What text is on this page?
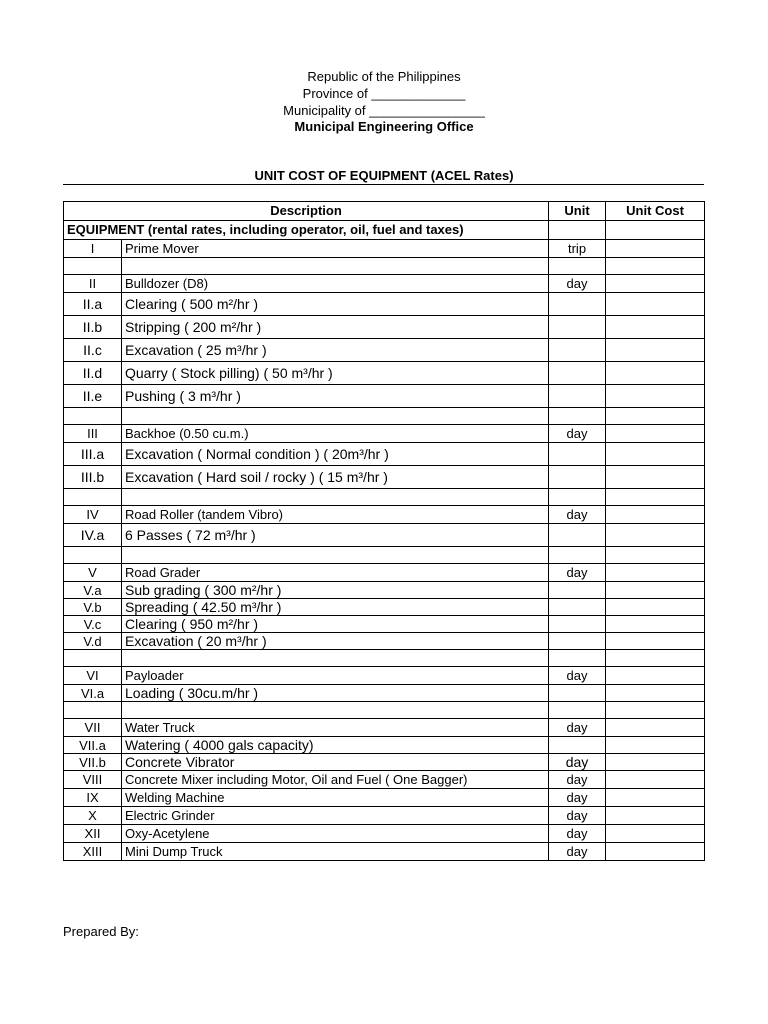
Republic of the Philippines
Province of _____________
Municipality of ________________
Municipal Engineering Office
UNIT COST OF EQUIPMENT (ACEL Rates)
Description		Unit	Unit Cost
EQUIPMENT (rental rates, including operator, oil, fuel and taxes)			
I	Prime Mover	trip	

II	Bulldozer (D8)	day	
II.a	Clearing ( 500 m²/hr )		
II.b	Stripping ( 200 m²/hr )		
II.c	Excavation ( 25 m³/hr )		
II.d	Quarry ( Stock pilling) ( 50 m³/hr )		
II.e	Pushing ( 3 m³/hr )		

III	Backhoe (0.50 cu.m.)	day	
III.a	Excavation ( Normal condition ) ( 20m³/hr )		
III.b	Excavation ( Hard soil / rocky ) ( 15 m³/hr )		

IV	Road Roller (tandem Vibro)	day	
IV.a	6 Passes ( 72 m³/hr )		

V	Road Grader	day	
V.a	Sub grading ( 300 m²/hr )		
V.b	Spreading ( 42.50 m³/hr )		
V.c	Clearing ( 950 m²/hr )		
V.d	Excavation ( 20 m³/hr )		

VI	Payloader	day	
VI.a	Loading ( 30cu.m/hr )		

VII	Water Truck	day	
VII.a	Watering ( 4000 gals capacity)		
VII.b	Concrete Vibrator	day	
VIII	Concrete Mixer including Motor, Oil and Fuel ( One Bagger)	day	
IX	Welding Machine	day	
X	Electric Grinder	day	
XII	Oxy-Acetylene	day	
XIII	Mini Dump Truck	day	
Prepared By:
